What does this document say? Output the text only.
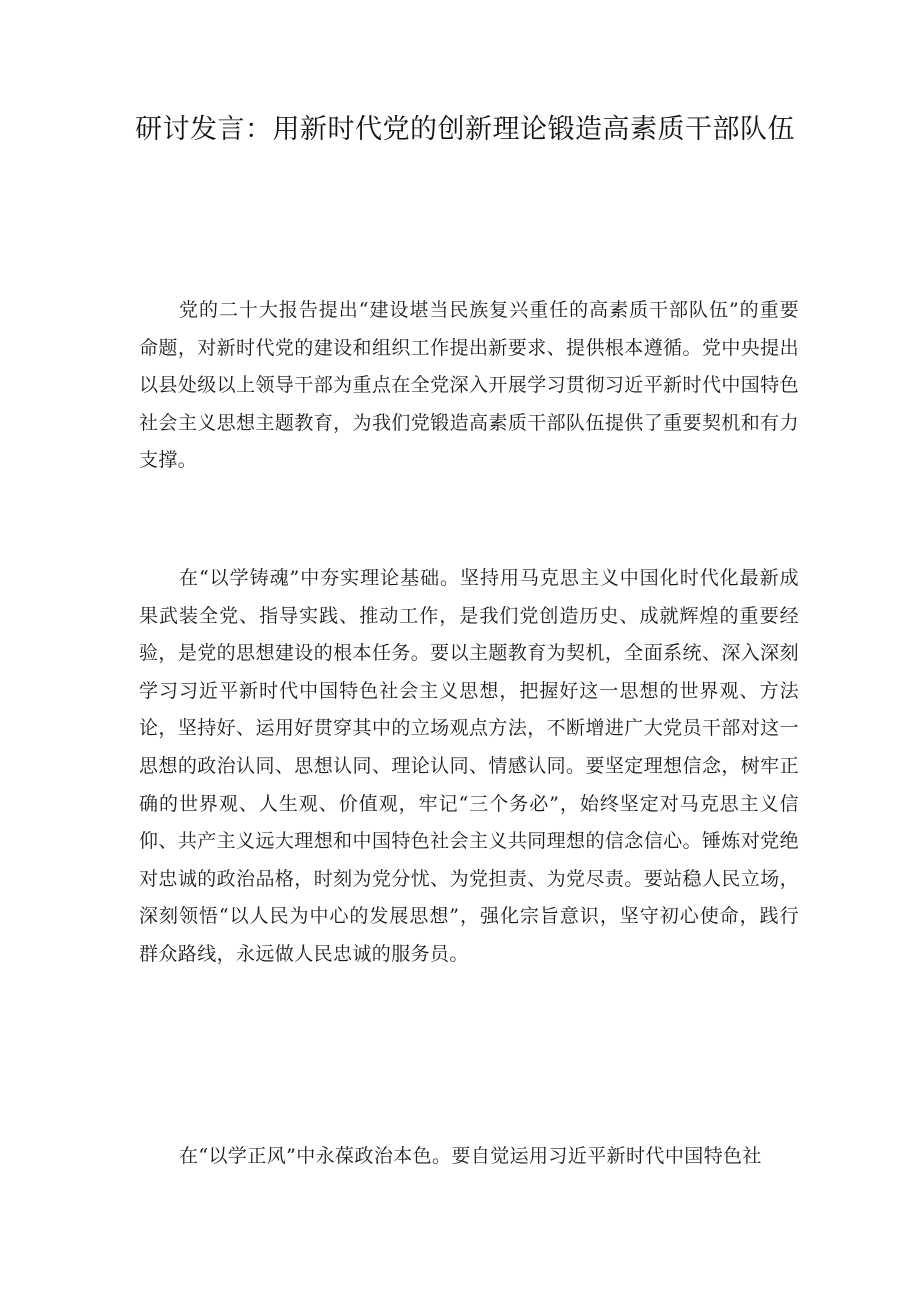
研讨发言：用新时代党的创新理论锻造高素质干部队伍

党的二十大报告提出“建设堪当民族复兴重任的高素质干部队伍”的重要命题，对新时代党的建设和组织工作提出新要求、提供根本遵循。党中央提出以县处级以上领导干部为重点在全党深入开展学习贯彻习近平新时代中国特色社会主义思想主题教育，为我们党锻造高素质干部队伍提供了重要契机和有力支撑。

在“以学铸魂”中夯实理论基础。坚持用马克思主义中国化时代化最新成果武装全党、指导实践、推动工作，是我们党创造历史、成就辉煌的重要经验，是党的思想建设的根本任务。要以主题教育为契机，全面系统、深入深刻学习习近平新时代中国特色社会主义思想，把握好这一思想的世界观、方法论，坚持好、运用好贯穿其中的立场观点方法，不断增进广大党员干部对这一思想的政治认同、思想认同、理论认同、情感认同。要坚定理想信念，树牢正确的世界观、人生观、价值观，牢记“三个务必”，始终坚定对马克思主义信仰、共产主义远大理想和中国特色社会主义共同理想的信念信心。锤炼对党绝对忠诚的政治品格，时刻为党分忧、为党担责、为党尽责。要站稳人民立场，深刻领悟“以人民为中心的发展思想”，强化宗旨意识，坚守初心使命，践行群众路线，永远做人民忠诚的服务员。

在“以学正风”中永葆政治本色。要自觉运用习近平新时代中国特色社
